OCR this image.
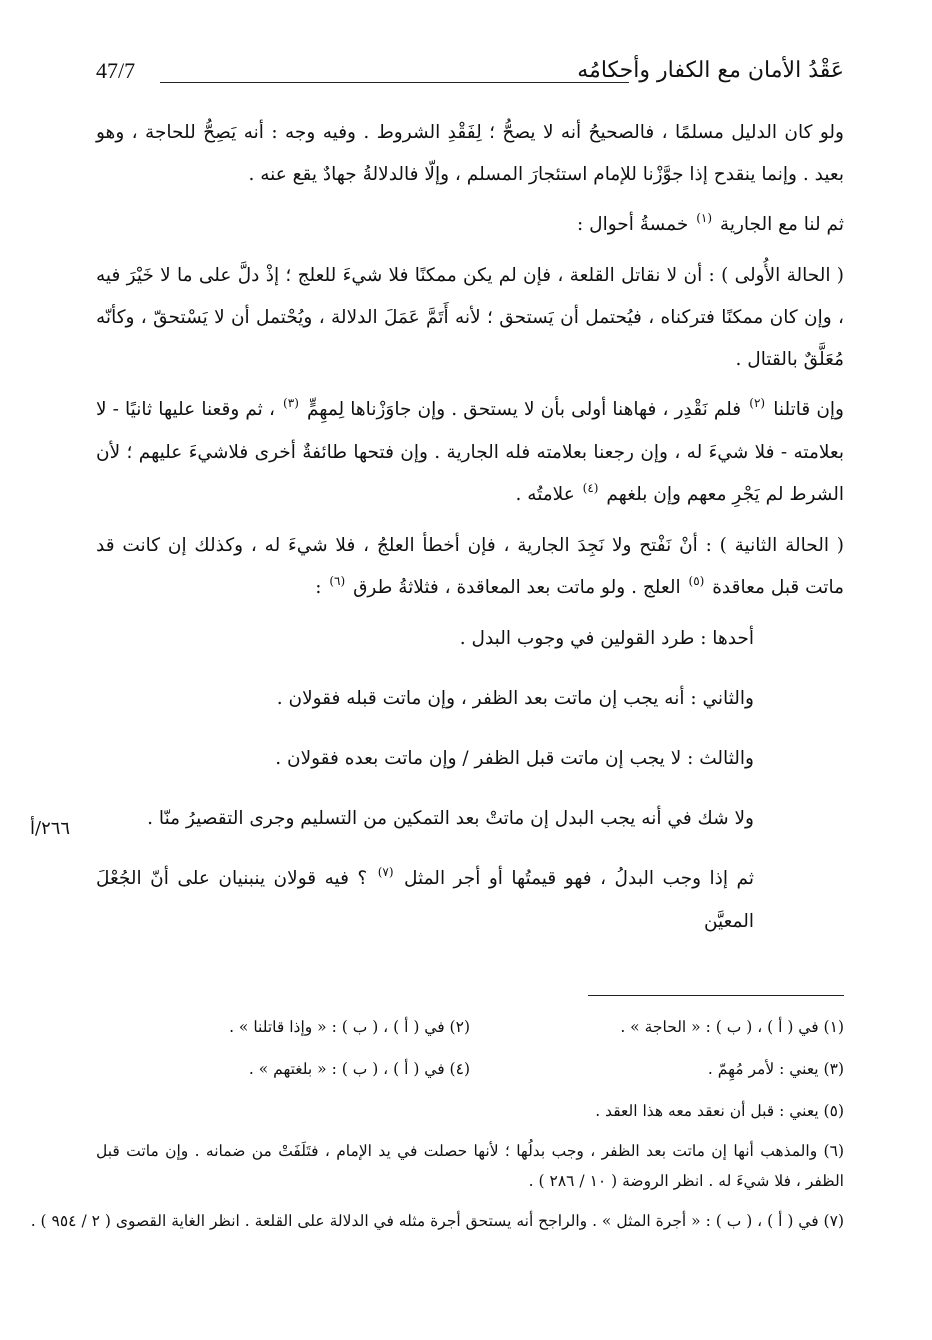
عَقْدُ الأمان مع الكفار وأحكامُه
47/7

ولو كان الدليل مسلمًا ، فالصحيحُ أنه لا يصحُّ ؛ لِفَقْدِ الشروط . وفيه وجه : أنه يَصِحُّ للحاجة ، وهو بعيد . وإنما ينقدح إذا جوَّزْنا للإمام استئجارَ المسلم ، وإلّا فالدلالةُ جهادٌ يقع عنه .

ثم لنا مع الجارية $^{(١)}$ خمسةُ أحوال :

( الحالة الأُولى ) : أن لا نقاتل القلعة ، فإن لم يكن ممكنًا فلا شيءَ للعلج ؛ إذْ دلَّ على ما لا خَيْرَ فيه ، وإن كان ممكنًا فتركناه ، فيُحتمل أن يَستحق ؛ لأنه أَتَمَّ عَمَلَ الدلالة ، ويُحْتمل أن لا يَسْتحقّ ، وكأنّه مُعَلَّقٌ بالقتال .

وإن قاتلنا $^{(٢)}$ فلم نَقْدِر ، فهاهنا أولى بأن لا يستحق . وإن جاوَزْناها لِمهِمٍّ $^{(٣)}$ ، ثم وقعنا عليها ثانيًا - لا بعلامته - فلا شيءَ له ، وإن رجعنا بعلامته فله الجارية . وإن فتحها طائفةٌ أخرى فلاشيءَ عليهم ؛ لأن الشرط لم يَجْرِ معهم وإن بلغهم $^{(٤)}$ علامتُه .

( الحالة الثانية ) : أنْ نَفْتح ولا نَجِدَ الجارية ، فإن أخطأ العلجُ ، فلا شيءَ له ، وكذلك إن كانت قد ماتت قبل معاقدة $^{(٥)}$ العلج . ولو ماتت بعد المعاقدة ، فثلاثةُ طرق $^{(٦)}$ :

أحدها : طرد القولين في وجوب البدل .

والثاني : أنه يجب إن ماتت بعد الظفر ، وإن ماتت قبله فقولان .

والثالث : لا يجب إن ماتت قبل الظفر / وإن ماتت بعده فقولان .

ولا شك في أنه يجب البدل إن ماتتْ بعد التمكين من التسليم وجرى التقصيرُ منّا .

ثم إذا وجب البدلُ ، فهو قيمتُها أو أجر المثل $^{(٧)}$ ؟ فيه قولان ينبنيان على أنّ الجُعْلَ المعيَّن

٢٦٦/أ
(١) في ( أ ) ، ( ب ) : « الحاجة » .
(٢) في ( أ ) ، ( ب ) : « وإذا قاتلنا » .
(٣) يعني : لأمر مُهِمّ .
(٤) في ( أ ) ، ( ب ) : « بلغتهم » .
(٥) يعني : قبل أن نعقد معه هذا العقد .
(٦) والمذهب أنها إن ماتت بعد الظفر ، وجب بدلُها ؛ لأنها حصلت في يد الإمام ، فتَلَفَتْ من ضمانه . وإن ماتت قبل الظفر ، فلا شيءَ له . انظر الروضة ( ١٠ / ٢٨٦ ) .
(٧) في ( أ ) ، ( ب ) : « أجرة المثل » . والراجح أنه يستحق أجرة مثله في الدلالة على القلعة . انظر الغاية القصوى ( ٢ / ٩٥٤ ) .
